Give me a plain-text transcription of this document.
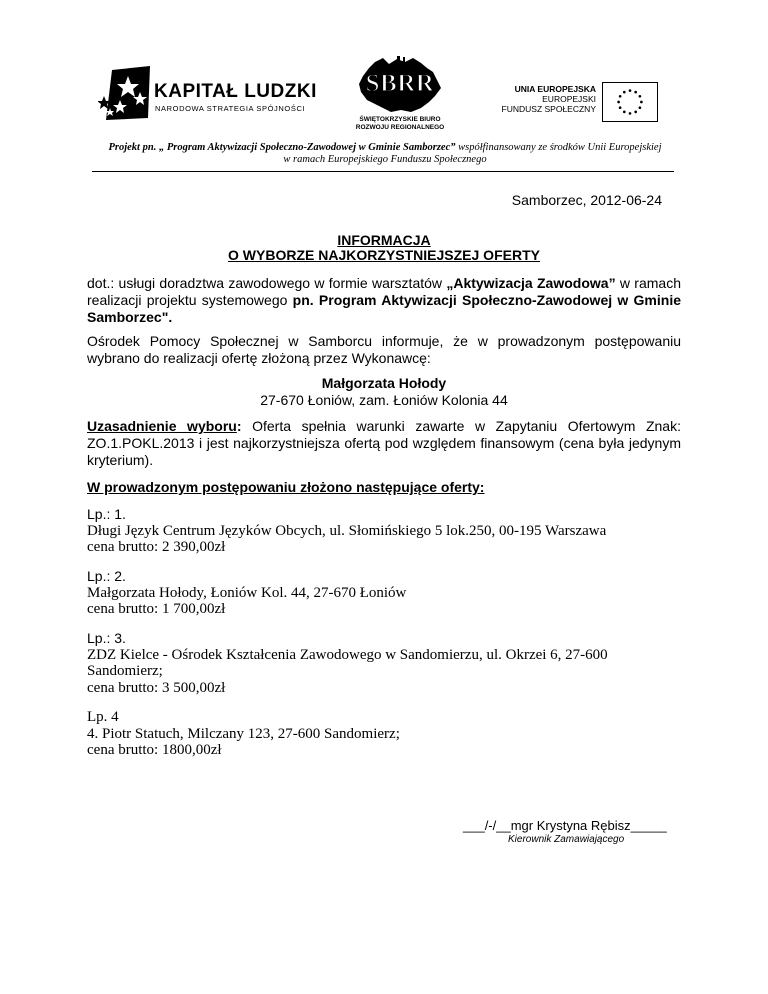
KAPITAŁ LUDZKI
NARODOWA STRATEGIA SPÓJNOŚCI
SBRR
ŚWIĘTOKRZYSKIE BIURO
ROZWOJU REGIONALNEGO
UNIA EUROPEJSKA
EUROPEJSKI
FUNDUSZ SPOŁECZNY
Projekt pn. „ Program Aktywizacji Społeczno-Zawodowej w Gminie Samborzec” współfinansowany ze środków Unii Europejskiej
w ramach Europejskiego Funduszu Społecznego
Samborzec, 2012-06-24
INFORMACJA
O WYBORZE NAJKORZYSTNIEJSZEJ OFERTY
dot.: usługi doradztwa zawodowego w formie warsztatów „Aktywizacja Zawodowa” w ramach realizacji projektu systemowego pn. Program Aktywizacji Społeczno-Zawodowej w Gminie Samborzec".
Ośrodek Pomocy Społecznej w Samborcu informuje, że w prowadzonym postępowaniu wybrano do realizacji ofertę złożoną przez Wykonawcę:
Małgorzata Hołody
27-670 Łoniów, zam. Łoniów Kolonia 44
Uzasadnienie wyboru: Oferta spełnia warunki zawarte w Zapytaniu Ofertowym Znak: ZO.1.POKL.2013 i jest najkorzystniejsza ofertą pod względem finansowym (cena była jedynym kryterium).
W prowadzonym postępowaniu złożono następujące oferty:
Lp.: 1.
Długi Język Centrum Języków Obcych, ul. Słomińskiego 5 lok.250, 00-195 Warszawa
cena brutto: 2 390,00zł
Lp.: 2.
Małgorzata Hołody, Łoniów Kol. 44, 27-670 Łoniów
cena brutto: 1 700,00zł
Lp.: 3.
ZDZ Kielce - Ośrodek Kształcenia Zawodowego w Sandomierzu, ul. Okrzei 6, 27-600
Sandomierz;
cena brutto: 3 500,00zł
Lp. 4
4. Piotr Statuch, Milczany 123, 27-600 Sandomierz;
cena brutto: 1800,00zł
___/-/__mgr Krystyna Rębisz_____
Kierownik Zamawiającego
